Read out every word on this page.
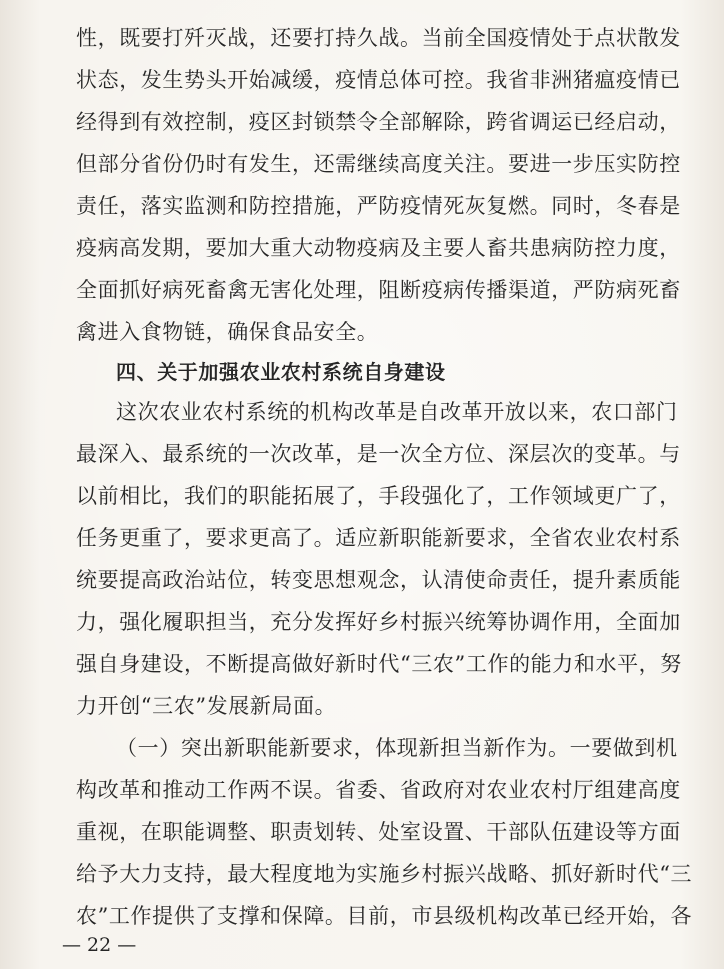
性，既要打歼灭战，还要打持久战。当前全国疫情处于点状散发
状态，发生势头开始减缓，疫情总体可控。我省非洲猪瘟疫情已
经得到有效控制，疫区封锁禁令全部解除，跨省调运已经启动，
但部分省份仍时有发生，还需继续高度关注。要进一步压实防控
责任，落实监测和防控措施，严防疫情死灰复燃。同时，冬春是
疫病高发期，要加大重大动物疫病及主要人畜共患病防控力度，
全面抓好病死畜禽无害化处理，阻断疫病传播渠道，严防病死畜
禽进入食物链，确保食品安全。
四、关于加强农业农村系统自身建设
这次农业农村系统的机构改革是自改革开放以来，农口部门
最深入、最系统的一次改革，是一次全方位、深层次的变革。与
以前相比，我们的职能拓展了，手段强化了，工作领域更广了，
任务更重了，要求更高了。适应新职能新要求，全省农业农村系
统要提高政治站位，转变思想观念，认清使命责任，提升素质能
力，强化履职担当，充分发挥好乡村振兴统筹协调作用，全面加
强自身建设，不断提高做好新时代“三农”工作的能力和水平，努
力开创“三农”发展新局面。
（一）突出新职能新要求，体现新担当新作为。一要做到机
构改革和推动工作两不误。省委、省政府对农业农村厅组建高度
重视，在职能调整、职责划转、处室设置、干部队伍建设等方面
给予大力支持，最大程度地为实施乡村振兴战略、抓好新时代“三
农”工作提供了支撑和保障。目前，市县级机构改革已经开始，各
— 22 —
